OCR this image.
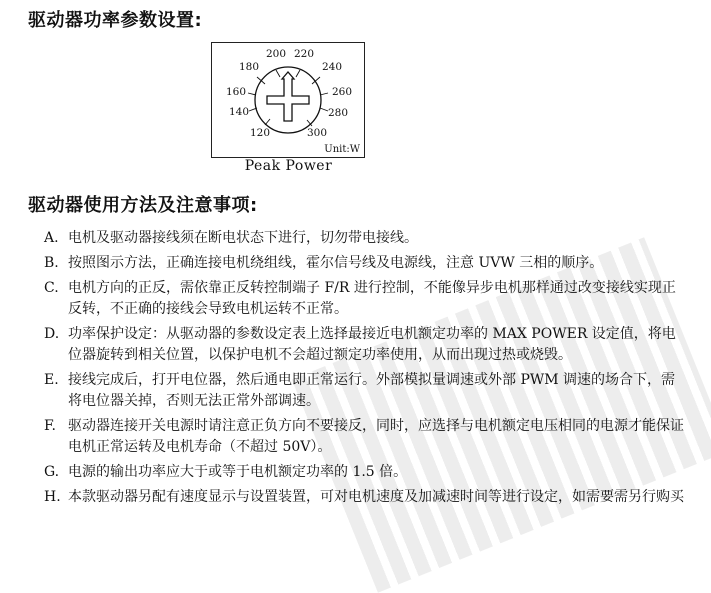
驱动器功率参数设置:
200 220
180	240
160	260
140	280
120	300
Unit:W
Peak Power
驱动器使用方法及注意事项:
A. 电机及驱动器接线须在断电状态下进行，切勿带电接线。
B. 按照图示方法，正确连接电机绕组线，霍尔信号线及电源线，注意 UVW 三相的顺序。
C. 电机方向的正反，需依靠正反转控制端子 F/R 进行控制，不能像异步电机那样通过改变接线实现正反转，不正确的接线会导致电机运转不正常。
D. 功率保护设定：从驱动器的参数设定表上选择最接近电机额定功率的 MAX POWER 设定值，将电位器旋转到相关位置，以保护电机不会超过额定功率使用，从而出现过热或烧毁。
E. 接线完成后，打开电位器，然后通电即正常运行。外部模拟量调速或外部 PWM 调速的场合下，需将电位器关掉，否则无法正常外部调速。
F. 驱动器连接开关电源时请注意正负方向不要接反，同时，应选择与电机额定电压相同的电源才能保证电机正常运转及电机寿命（不超过 50V）。
G. 电源的输出功率应大于或等于电机额定功率的 1.5 倍。
H. 本款驱动器另配有速度显示与设置装置，可对电机速度及加减速时间等进行设定，如需要需另行购买
